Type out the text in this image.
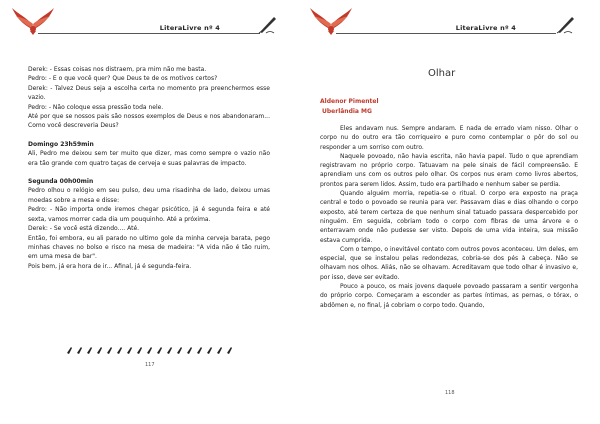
LiteraLivre nº 4

Derek: - Essas coisas nos distraem, pra mim não me basta.

Pedro: - E o que você quer? Que Deus te de os motivos certos?

Derek: - Talvez Deus seja a escolha certa no momento pra preenchermos esse vazio.

Pedro: - Não coloque essa pressão toda nele.

Até por que se nossos pais são nossos exemplos de Deus e nos abandonaram... Como você descreveria Deus?

Domingo 23h59min

Ali, Pedro me deixou sem ter muito que dizer, mas como sempre o vazio não era tão grande com quatro taças de cerveja e suas palavras de impacto.

Segunda 00h00min

Pedro olhou o relógio em seu pulso, deu uma risadinha de lado, deixou umas moedas sobre a mesa e disse:

Pedro: - Não importa onde iremos chegar psicótico, já é segunda feira e até sexta, vamos morrer cada dia um pouquinho. Até a próxima.

Derek: - Se você está dizendo.... Até.

Então, foi embora, eu ali parado no ultimo gole da minha cerveja barata, pego minhas chaves no bolso e risco na mesa de madeira: "A vida não é tão ruim, em uma mesa de bar".

Pois bem, já era hora de ir... Afinal, já é segunda-feira.

117
LiteraLivre nº 4
Olhar
Aldenor Pimentel
Uberlândia MG

Eles andavam nus. Sempre andaram. E nada de errado viam nisso. Olhar o corpo nu do outro era tão corriqueiro e puro como contemplar o pôr do sol ou responder a um sorriso com outro.

Naquele povoado, não havia escrita, não havia papel. Tudo o que aprendiam registravam no próprio corpo. Tatuavam na pele sinais de fácil compreensão. E aprendiam uns com os outros pelo olhar. Os corpos nus eram como livros abertos, prontos para serem lidos. Assim, tudo era partilhado e nenhum saber se perdia.

Quando alguém morria, repetia-se o ritual. O corpo era exposto na praça central e todo o povoado se reunia para ver. Passavam dias e dias olhando o corpo exposto, até terem certeza de que nenhum sinal tatuado passara despercebido por ninguém. Em seguida, cobriam todo o corpo com fibras de uma árvore e o enterravam onde não pudesse ser visto. Depois de uma vida inteira, sua missão estava cumprida.

Com o tempo, o inevitável contato com outros povos aconteceu. Um deles, em especial, que se instalou pelas redondezas, cobria-se dos pés à cabeça. Não se olhavam nos olhos. Aliás, não se olhavam. Acreditavam que todo olhar é invasivo e, por isso, deve ser evitado.

Pouco a pouco, os mais jovens daquele povoado passaram a sentir vergonha do próprio corpo. Começaram a esconder as partes íntimas, as pernas, o tórax, o abdômen e, no final, já cobriam o corpo todo. Quando,

118
